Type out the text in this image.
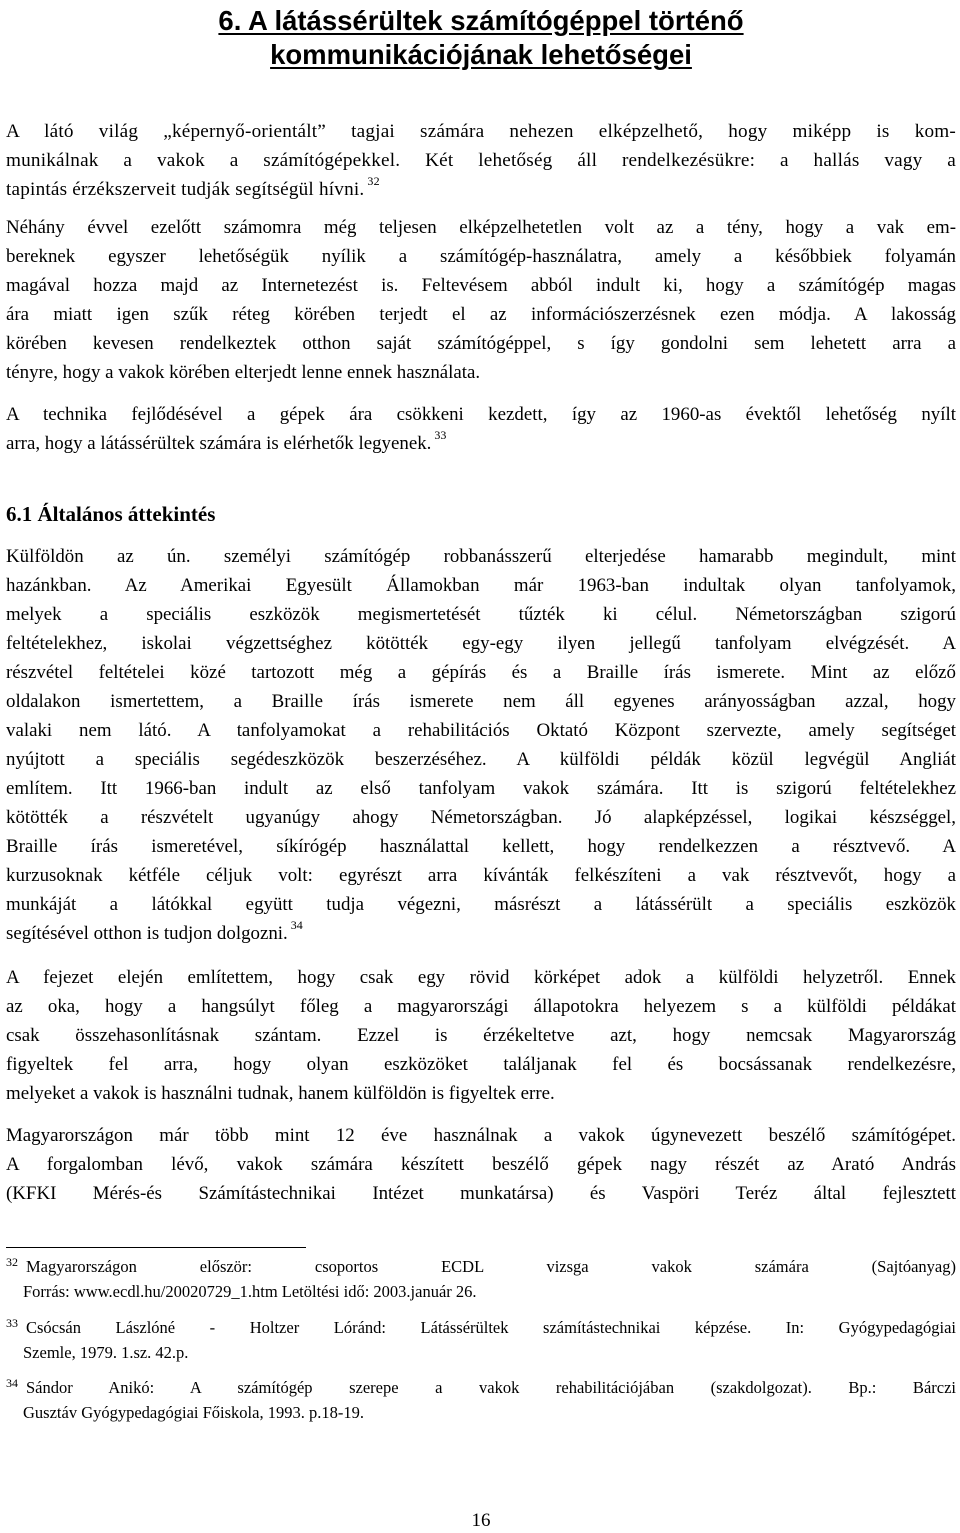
6. A látássérültek számítógéppel történő
kommunikációjának lehetőségei
A látó világ „képernyő-orientált” tagjai számára nehezen elképzelhető, hogy miképp is kom-
munikálnak a vakok a számítógépekkel. Két lehetőség áll rendelkezésükre: a hallás vagy a
tapintás érzékszerveit tudják segítségül hívni. $^{32}$

Néhány évvel ezelőtt számomra még teljesen elképzelhetetlen volt az a tény, hogy a vak em-
bereknek egyszer lehetőségük nyílik a számítógép-használatra, amely a későbbiek folyamán
magával hozza majd az Internetezést is. Feltevésem abból indult ki, hogy a számítógép magas
ára miatt igen szűk réteg körében terjedt el az információszerzésnek ezen módja. A lakosság
körében kevesen rendelkeztek otthon saját számítógéppel, s így gondolni sem lehetett arra a
tényre, hogy a vakok körében elterjedt lenne ennek használata.

A technika fejlődésével a gépek ára csökkeni kezdett, így az 1960-as évektől lehetőség nyílt
arra, hogy a látássérültek számára is elérhetők legyenek. $^{33}$

6.1 Általános áttekintés

Külföldön az ún. személyi számítógép robbanásszerű elterjedése hamarabb megindult, mint
hazánkban. Az Amerikai Egyesült Államokban már 1963-ban indultak olyan tanfolyamok,
melyek a speciális eszközök megismertetését tűzték ki célul. Németországban szigorú
feltételekhez, iskolai végzettséghez kötötték egy-egy ilyen jellegű tanfolyam elvégzését. A
részvétel feltételei közé tartozott még a gépírás és a Braille írás ismerete. Mint az előző
oldalakon ismertettem, a Braille írás ismerete nem áll egyenes arányosságban azzal, hogy
valaki nem látó. A tanfolyamokat a rehabilitációs Oktató Központ szervezte, amely segítséget
nyújtott a speciális segédeszközök beszerzéséhez. A külföldi példák közül legvégül Angliát
említem. Itt 1966-ban indult az első tanfolyam vakok számára. Itt is szigorú feltételekhez
kötötték a részvételt ugyanúgy ahogy Németországban. Jó alapképzéssel, logikai készséggel,
Braille írás ismeretével, síkírógép használattal kellett, hogy rendelkezzen a résztvevő. A
kurzusoknak kétféle céljuk volt: egyrészt arra kívánták felkészíteni a vak résztvevőt, hogy a
munkáját a látókkal együtt tudja végezni, másrészt a látássérült a speciális eszközök
segítésével otthon is tudjon dolgozni. $^{34}$

A fejezet elején említettem, hogy csak egy rövid körképet adok a külföldi helyzetről. Ennek
az oka, hogy a hangsúlyt főleg a magyarországi állapotokra helyezem s a külföldi példákat
csak összehasonlításnak szántam. Ezzel is érzékeltetve azt, hogy nemcsak Magyarország
figyeltek fel arra, hogy olyan eszközöket találjanak fel és bocsássanak rendelkezésre,
melyeket a vakok is használni tudnak, hanem külföldön is figyeltek erre.

Magyarországon már több mint 12 éve használnak a vakok úgynevezett beszélő számítógépet.
A forgalomban lévő, vakok számára készített beszélő gépek nagy részét az Arató András
(KFKI Mérés-és Számítástechnikai Intézet munkatársa) és Vaspöri Teréz által fejlesztett

$^{32}$ Magyarországon először: csoportos ECDL vizsga vakok számára (Sajtóanyag)
Forrás: www.ecdl.hu/20020729_1.htm Letöltési idő: 2003.január 26.
$^{33}$ Csócsán Lászlóné - Holtzer Lóránd: Látássérültek számítástechnikai képzése. In: Gyógypedagógiai
Szemle, 1979. 1.sz. 42.p.
$^{34}$ Sándor Anikó: A számítógép szerepe a vakok rehabilitációjában (szakdolgozat). Bp.: Bárczi
Gusztáv Gyógypedagógiai Főiskola, 1993. p.18-19.
16
